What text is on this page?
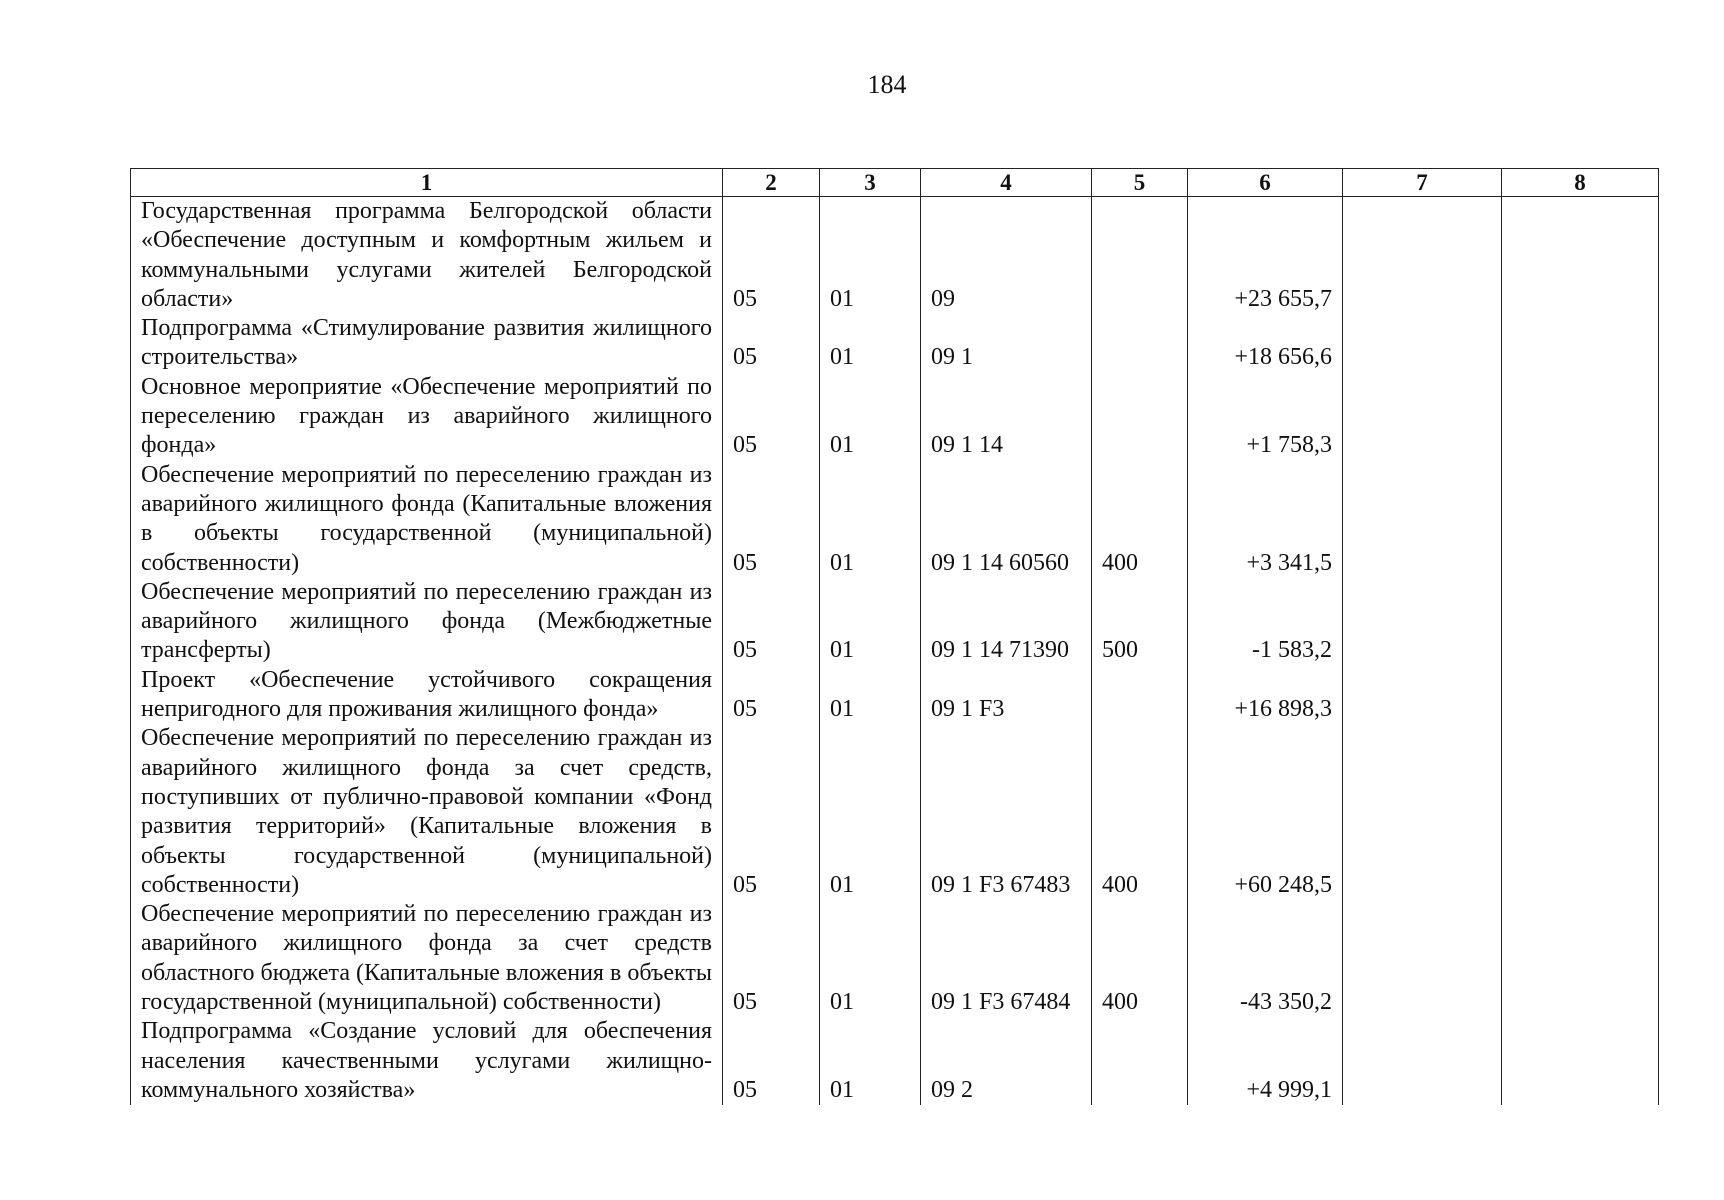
184
1	2	3	4	5	6	7	8
Государственная программа Белгородской области «Обеспечение доступным и комфортным жильем и коммунальными услугами жителей Белгородской области»	05	01	09		+23 655,7		
Подпрограмма «Стимулирование развития жилищного строительства»	05	01	09 1		+18 656,6		
Основное мероприятие «Обеспечение мероприятий по переселению граждан из аварийного жилищного фонда»	05	01	09 1 14		+1 758,3		
Обеспечение мероприятий по переселению граждан из аварийного жилищного фонда (Капитальные вложения в объекты государственной (муниципальной) собственности)	05	01	09 1 14 60560	400	+3 341,5		
Обеспечение мероприятий по переселению граждан из аварийного жилищного фонда (Межбюджетные трансферты)	05	01	09 1 14 71390	500	-1 583,2		
Проект «Обеспечение устойчивого сокращения непригодного для проживания жилищного фонда»	05	01	09 1 F3		+16 898,3		
Обеспечение мероприятий по переселению граждан из аварийного жилищного фонда за счет средств, поступивших от публично-правовой компании «Фонд развития территорий» (Капитальные вложения в объекты государственной (муниципальной) собственности)	05	01	09 1 F3 67483	400	+60 248,5		
Обеспечение мероприятий по переселению граждан из аварийного жилищного фонда за счет средств областного бюджета (Капитальные вложения в объекты государственной (муниципальной) собственности)	05	01	09 1 F3 67484	400	-43 350,2		
Подпрограмма «Создание условий для обеспечения населения качественными услугами жилищно-коммунального хозяйства»	05	01	09 2		+4 999,1		
